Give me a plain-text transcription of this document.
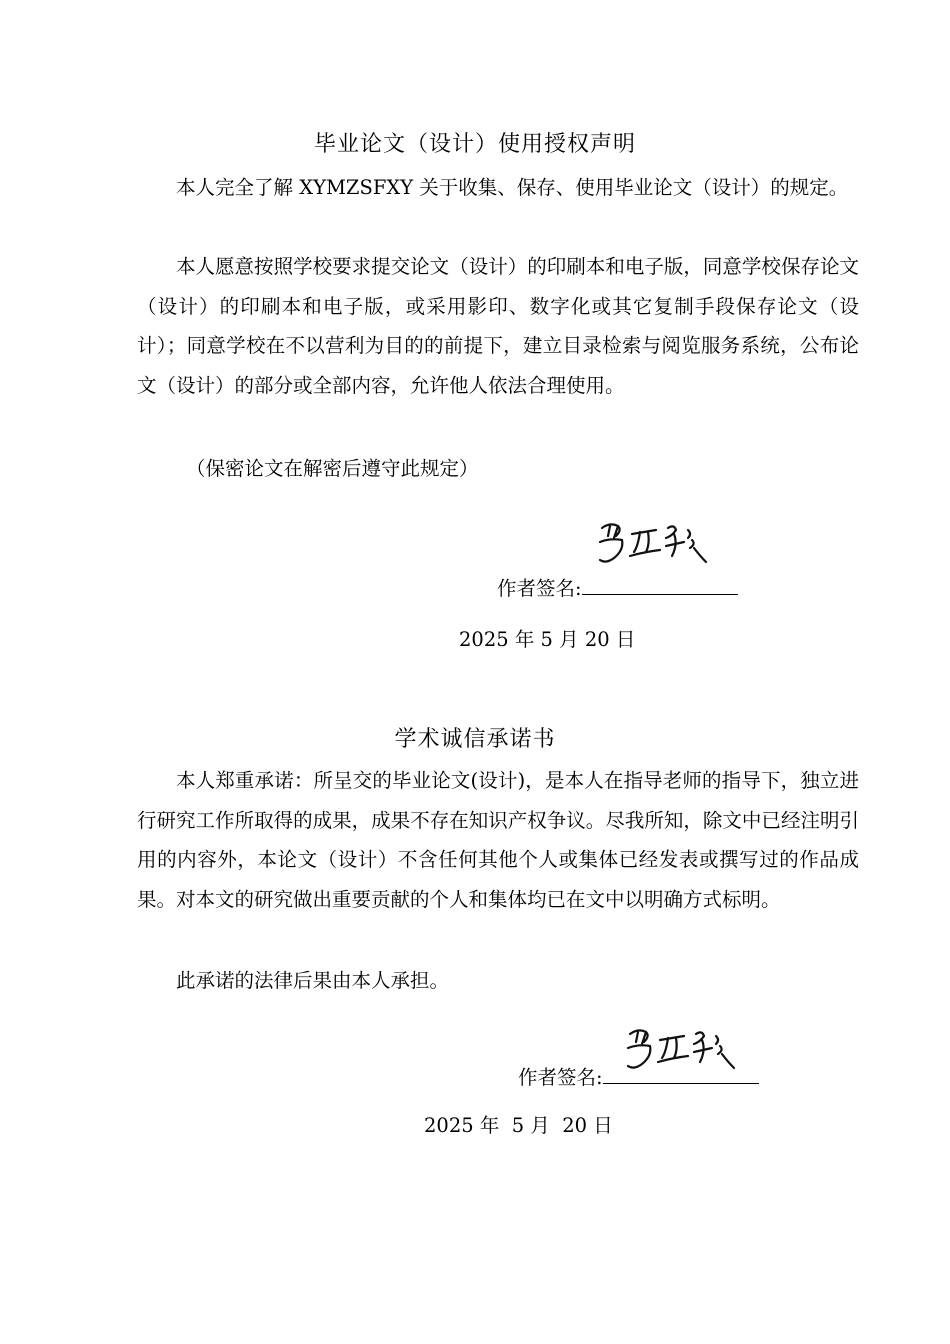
毕业论文（设计）使用授权声明

本人完全了解 XYMZSFXY 关于收集、保存、使用毕业论文（设计）的规定。

本人愿意按照学校要求提交论文（设计）的印刷本和电子版，同意学校保存论文（设计）的印刷本和电子版，或采用影印、数字化或其它复制手段保存论文（设计）；同意学校在不以营利为目的的前提下，建立目录检索与阅览服务系统，公布论文（设计）的部分或全部内容，允许他人依法合理使用。

（保密论文在解密后遵守此规定）
作者签名:
2025 年 5 月 20 日
学术诚信承诺书

本人郑重承诺：所呈交的毕业论文(设计)，是本人在指导老师的指导下，独立进行研究工作所取得的成果，成果不存在知识产权争议。尽我所知，除文中已经注明引用的内容外，本论文（设计）不含任何其他个人或集体已经发表或撰写过的作品成果。对本文的研究做出重要贡献的个人和集体均已在文中以明确方式标明。

此承诺的法律后果由本人承担。

作者签名:
2025 年  5 月  20 日
